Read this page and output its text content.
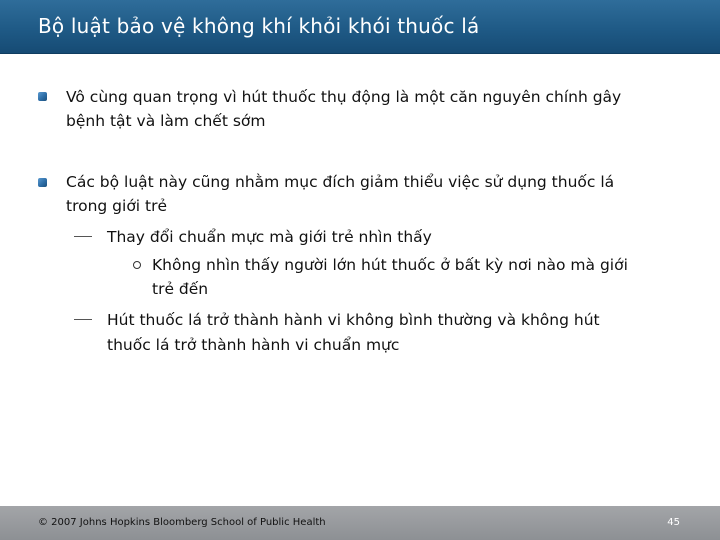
Bộ luật bảo vệ không khí khỏi khói thuốc lá
Vô cùng quan trọng vì hút thuốc thụ động là một căn nguyên chính gây
bệnh tật và làm chết sớm
Các bộ luật này cũng nhằm mục đích giảm thiểu việc sử dụng thuốc lá
trong giới trẻ
Thay đổi chuẩn mực mà giới trẻ nhìn thấy
Không nhìn thấy người lớn hút thuốc ở bất kỳ nơi nào mà giới
trẻ đến
Hút thuốc lá trở thành hành vi không bình thường và không hút
thuốc lá trở thành hành vi chuẩn mực
© 2007 Johns Hopkins Bloomberg School of Public Health	45
